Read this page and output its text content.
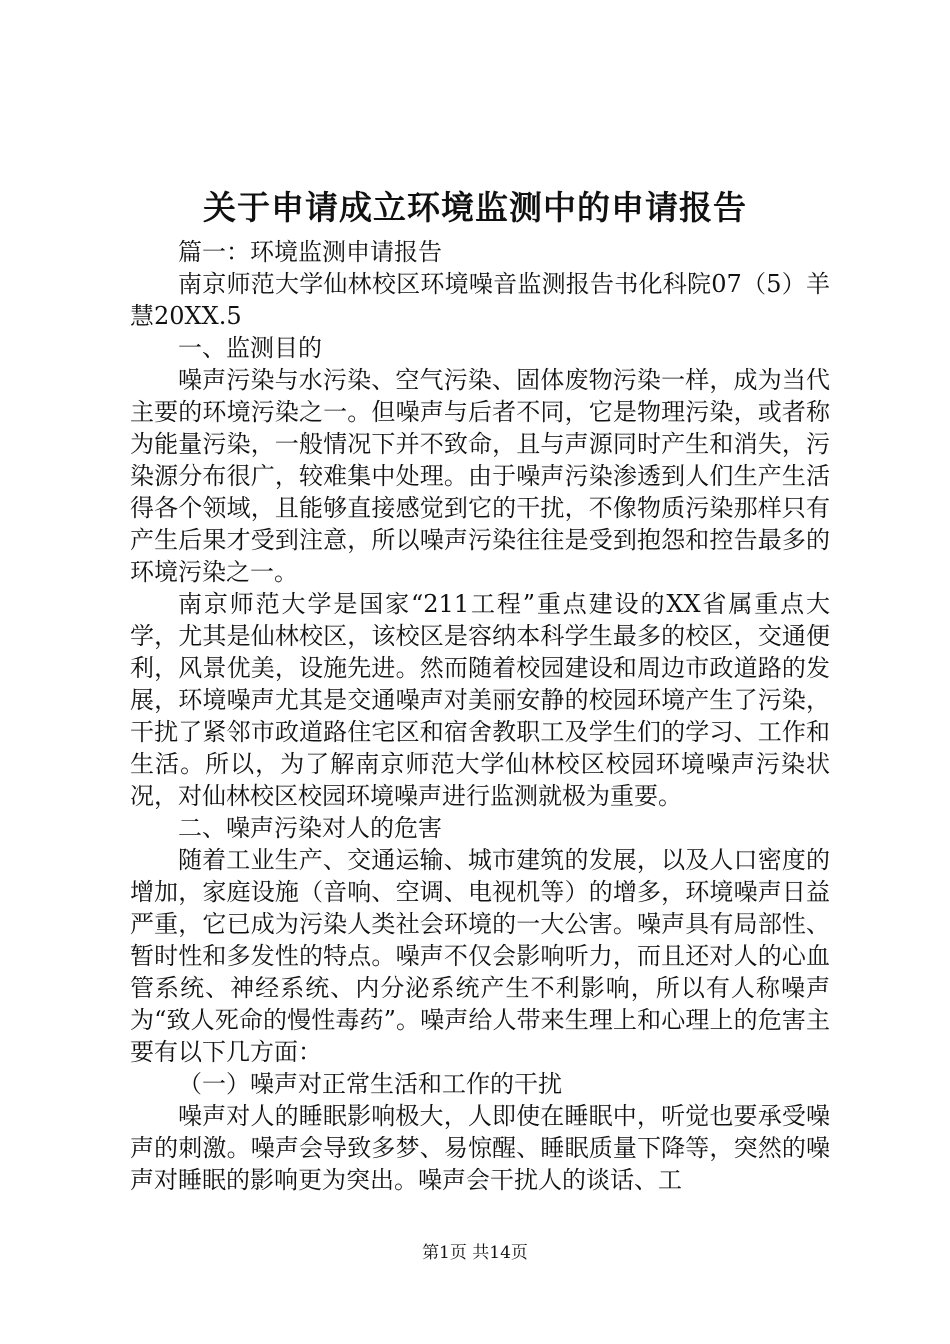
关于申请成立环境监测中的申请报告

篇一：环境监测申请报告

南京师范大学仙林校区环境噪音监测报告书化科院07（5）羊慧20XX.5

一、监测目的

噪声污染与水污染、空气污染、固体废物污染一样，成为当代主要的环境污染之一。但噪声与后者不同，它是物理污染，或者称为能量污染，一般情况下并不致命，且与声源同时产生和消失，污染源分布很广，较难集中处理。由于噪声污染渗透到人们生产生活得各个领域，且能够直接感觉到它的干扰，不像物质污染那样只有产生后果才受到注意，所以噪声污染往往是受到抱怨和控告最多的环境污染之一。

南京师范大学是国家“211工程”重点建设的XX省属重点大学，尤其是仙林校区，该校区是容纳本科学生最多的校区，交通便利，风景优美，设施先进。然而随着校园建设和周边市政道路的发展，环境噪声尤其是交通噪声对美丽安静的校园环境产生了污染，干扰了紧邻市政道路住宅区和宿舍教职工及学生们的学习、工作和生活。所以，为了解南京师范大学仙林校区校园环境噪声污染状况，对仙林校区校园环境噪声进行监测就极为重要。

二、噪声污染对人的危害

随着工业生产、交通运输、城市建筑的发展，以及人口密度的增加，家庭设施（音响、空调、电视机等）的增多，环境噪声日益严重，它已成为污染人类社会环境的一大公害。噪声具有局部性、暂时性和多发性的特点。噪声不仅会影响听力，而且还对人的心血管系统、神经系统、内分泌系统产生不利影响，所以有人称噪声为“致人死命的慢性毒药”。噪声给人带来生理上和心理上的危害主要有以下几方面：

（一）噪声对正常生活和工作的干扰

噪声对人的睡眠影响极大，人即使在睡眠中，听觉也要承受噪声的刺激。噪声会导致多梦、易惊醒、睡眠质量下降等，突然的噪声对睡眠的影响更为突出。噪声会干扰人的谈话、工

第1页 共14页
